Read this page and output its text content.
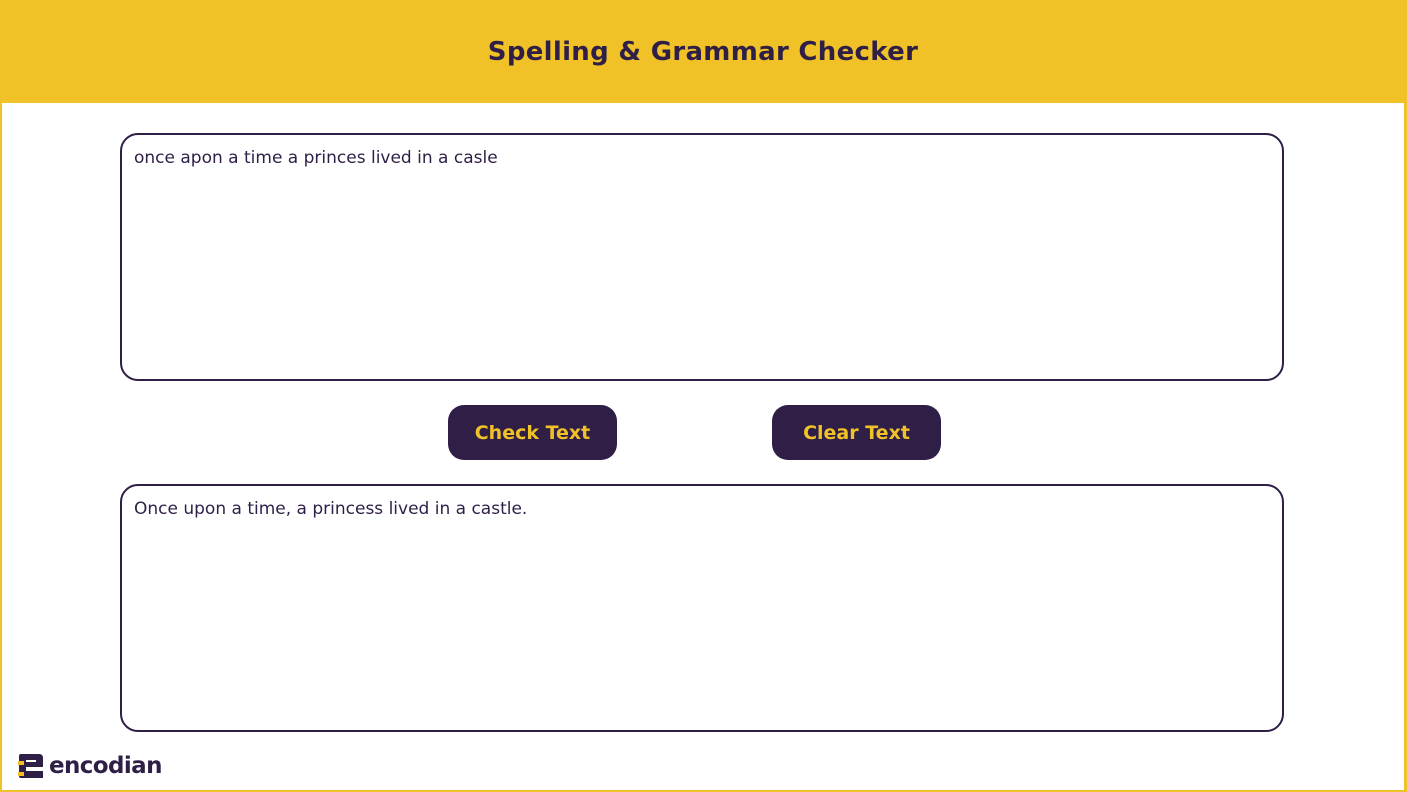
Spelling & Grammar Checker
once apon a time a princes lived in a casle
Check Text	Clear Text
Once upon a time, a princess lived in a castle.
encodian
